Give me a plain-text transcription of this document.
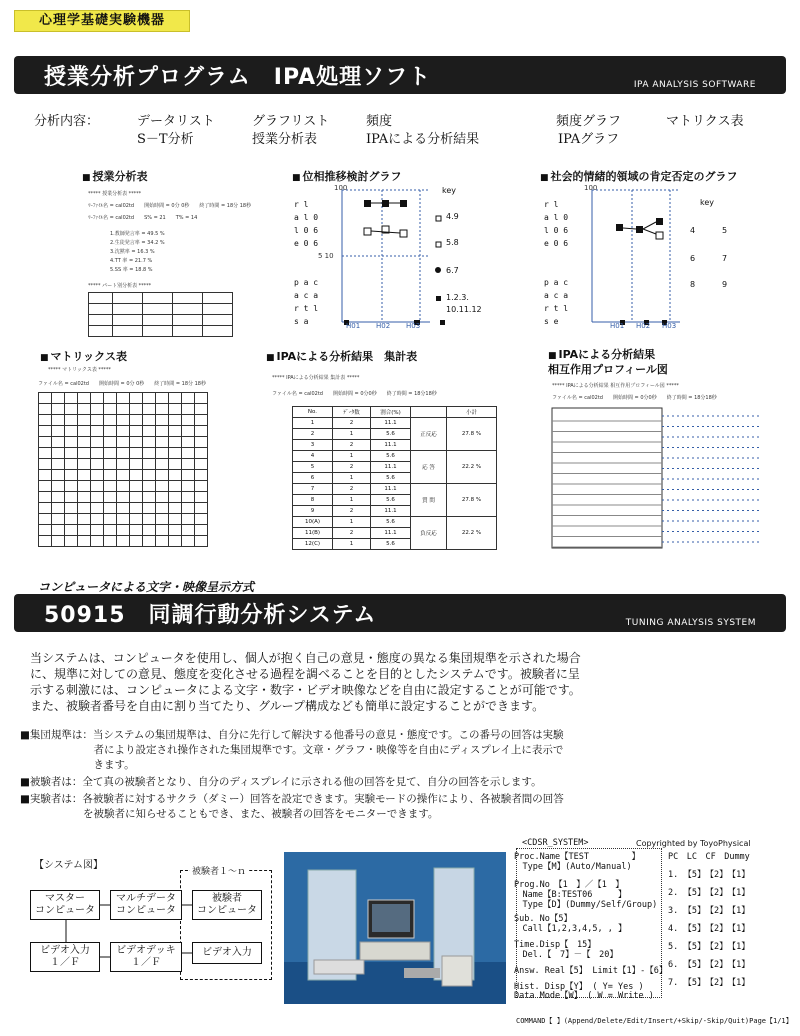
心理学基礎実験機器
授業分析プログラム　IPA処理ソフト	IPA ANALYSIS SOFTWARE
分析内容：	データリスト	グラフリスト	頻度	頻度グラフ	マトリクス表
S－T分析	授業分析表	IPAによる分析結果	IPAグラフ
■ 授業分析表
***** 授業分析表 *****
ﾏｰﾌｧｲﾙ名 = cal02td　　開始時間 = 0分 0秒　　終了時間 = 18分 18秒
ﾏｰﾌｧｲﾙ名 = cal02td　　S% = 21　　T% = 14
1.教師発言率 = 49.5 %
2.生徒発言率 = 34.2 %
3.沈黙率 = 16.3 %
4.TT 率 = 21.7 %
5.SS 率 = 18.8 %
***** パート別分析表 *****

■ 位相推移検討グラフ
100
5 10
r l
a l 0
l 0 6
e 0 6
p a c
a c a
r t l
s a
key
4.9
5.8
6.7
1.2.3.
10.11.12
H01 H02 H03
■ 社会的情緒的領域の肯定否定のグラフ
100
r l
a l 0
l 0 6
e 0 6
p a c
a c a
r t l
s e
key
4	5
6	7
8	9
H01 H02 H03
■ マトリックス表
***** マトリックス表 *****
ファイル名 = cal02td　　開始時間 = 0分 0秒　　終了時間 = 18分 18秒

■ IPAによる分析結果　集計表
***** IPAによる分析結果 集計表 *****
ファイル名 = cal02td　　開始時間 = 0分0秒　　終了時間 = 18分18秒
No.	ﾃﾞｰﾀ数	割合(%)		小計
1	2	11.1	正反応	27.8 %
2	1	5.6		
3	2	11.1		
4	1	5.6	応 答	22.2 %
5	2	11.1		
6	1	5.6		
7	2	11.1	質 問	27.8 %
8	1	5.6		
9	2	11.1		
10(A)	1	5.6	負反応	22.2 %
11(B)	2	11.1		
12(C)	1	5.6		
■ IPAによる分析結果
相互作用プロフィール図
***** IPAによる分析結果 相互作用プロフィール図 *****
ファイル名 = cal02td　　開始時間 = 0分0秒　　終了時間 = 18分18秒
コンピュータによる文字・映像呈示方式
50915　同調行動分析システム	TUNING ANALYSIS SYSTEM

当システムは、コンピュータを使用し、個人が抱く自己の意見・態度の異なる集団規準を示された場合

に、規準に対しての意見、態度を変化させる過程を調べることを目的としたシステムです。被験者に呈

示する刺激には、コンピュータによる文字・数字・ビデオ映像などを自由に設定することが可能です。

また、被験者番号を自由に割り当てたり、グループ構成なども簡単に設定することができます。

■集団規準は：当システムの集団規準は、自分に先行して解決する他番号の意見・態度です。この番号の回答は実験

　　　　　　　者により設定され操作された集団規準です。文章・グラフ・映像等を自由にディスプレイ上に表示で

　　　　　　　きます。

■被験者は：全て真の被験者となり、自分のディスプレイに示される他の回答を見て、自分の回答を示します。

■実験者は：各被験者に対するサクラ（ダミー）回答を設定できます。実験モードの操作により、各被験者間の回答

　　　　　　を被験者に知らせることもでき、また、被験者の回答をモニターできます。

【システム図】
被験者１～ｎ
マスター
コンピュータ
マルチデータ
コンピュータ
被験者
コンピュータ
ビデオ入力
１／Ｆ
ビデオデッキ
１／Ｆ
ビデオ入力
<CDSR_SYSTEM>	Copyrighted by ToyoPhysical
Proc.Name【TEST　　　　　】
　Type【M】(Auto/Manual)
Prog.No　【1　】／【1　】
　Name【B:TEST06　　　】
　Type【D】(Dummy/Self/Group)
Sub. No【5】
　Call【1,2,3,4,5, , 】
Time.Disp【　15】
　Del.【　7】－【　20】
Answ. Real【5】 Limit【1】-【6】
Hist. Disp【Y】 ( Y= Yes )
Data Mode【W】 ( W = Write )
PC　LC　CF　Dummy
1. 【5】　【2】　【1】
2. 【5】　【2】　【1】
3. 【5】　【2】　【1】
4. 【5】　【2】　【1】
5. 【5】　【2】　【1】
6. 【5】　【2】　【1】
7. 【5】　【2】　【1】
COMMAND【 】(Append/Delete/Edit/Insert/+Skip/-Skip/Quit)Page【1/1】
